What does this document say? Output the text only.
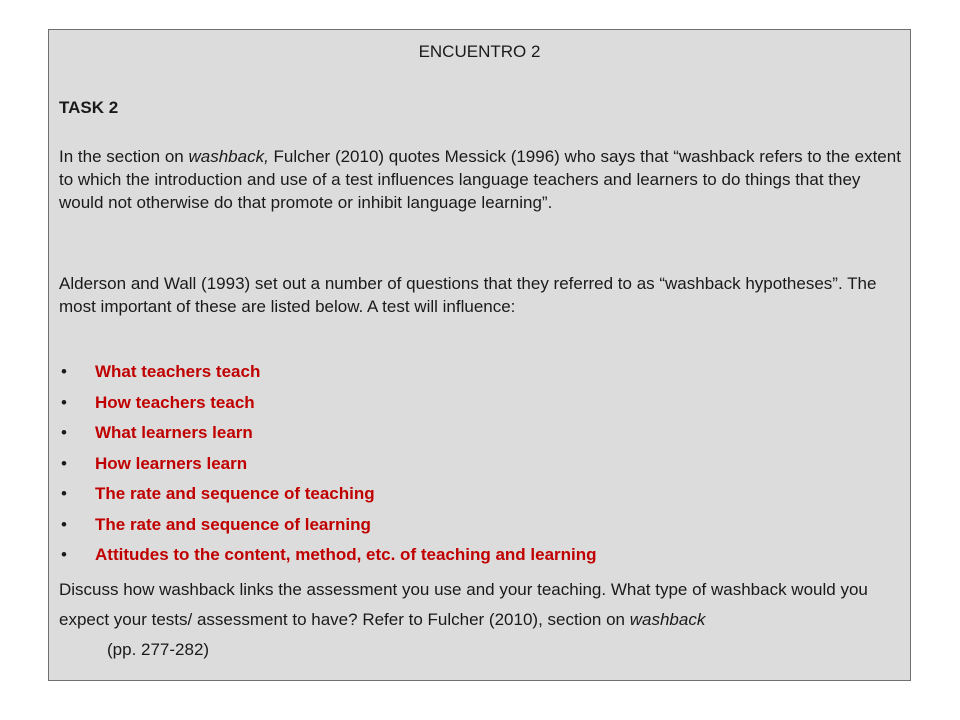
ENCUENTRO 2
TASK 2
In the section on washback, Fulcher (2010) quotes Messick (1996) who says that “washback refers to the extent to which the introduction and use of a test influences language teachers and learners to do things that they would not otherwise do that promote or inhibit language learning”.
Alderson and Wall (1993) set out a number of questions that they referred to as “washback hypotheses”. The most important of these are listed below. A test will influence:
• What teachers teach
• How teachers teach
• What learners learn
• How learners learn
• The rate and sequence of teaching
• The rate and sequence of learning
• Attitudes to the content, method, etc. of teaching and learning
Discuss how washback links the assessment you use and your teaching. What type of washback would you expect your tests/ assessment to have? Refer to Fulcher (2010), section on washback
(pp. 277-282)
